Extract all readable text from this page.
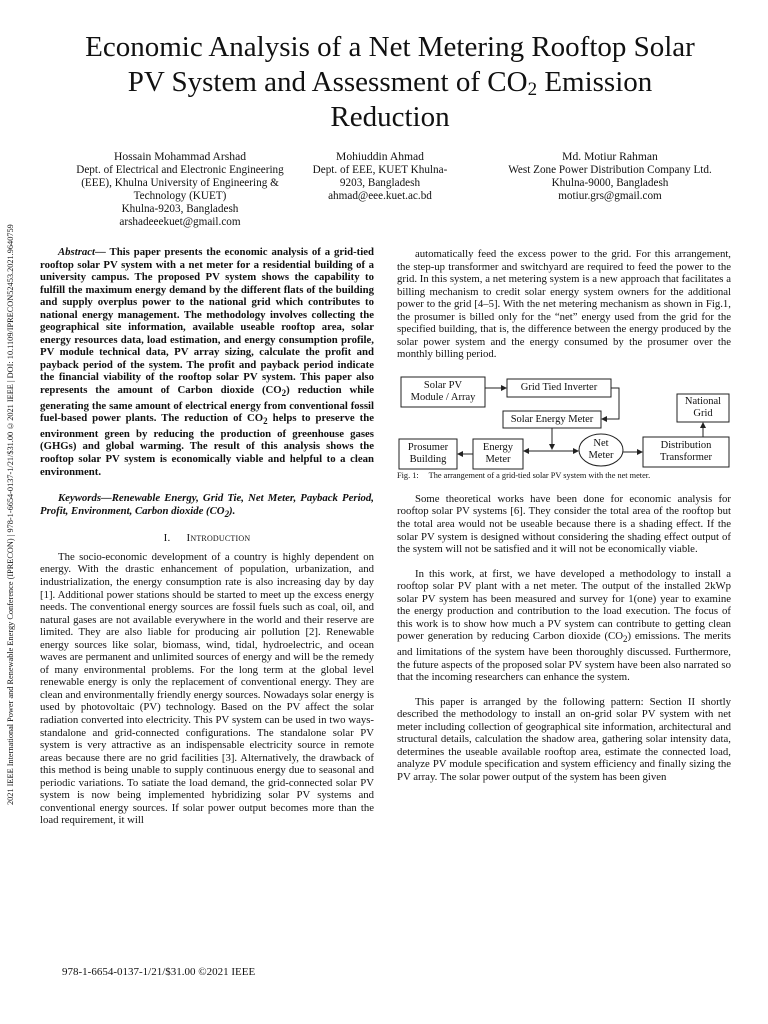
2021 IEEE International Power and Renewable Energy Conference (IPRECON) | 978-1-6654-0137-1/21/$31.00 ©2021 IEEE | DOI: 10.1109/IPRECON52453.2021.9640759
Economic Analysis of a Net Metering Rooftop Solar
PV System and Assessment of $CO_2$ Emission
Reduction
Hossain Mohammad Arshad
Dept. of Electrical and Electronic Engineering
(EEE), Khulna University of Engineering &
Technology (KUET)
Khulna-9203, Bangladesh
arshadeeekuet@gmail.com
Mohiuddin Ahmad
Dept. of EEE, KUET Khulna-
9203, Bangladesh
ahmad@eee.kuet.ac.bd
Md. Motiur Rahman
West Zone Power Distribution Company Ltd.
Khulna-9000, Bangladesh
motiur.grs@gmail.com

Abstract— This paper presents the economic analysis of a grid-tied rooftop solar PV system with a net meter for a residential building of a university campus. The proposed PV system shows the capability to fulfill the maximum energy demand by the different flats of the building and supply overplus power to the national grid which contributes to national energy management. The methodology involves collecting the geographical site information, available useable rooftop area, solar energy resources data, load estimation, and energy consumption profile, PV module technical data, PV array sizing, calculate the profit and payback period of the system. The profit and payback period indicate the financial viability of the rooftop solar PV system. This paper also represents the amount of Carbon dioxide $(CO_2)$ reduction while generating the same amount of electrical energy from conventional fossil fuel-based power plants. The reduction of $CO_2$ helps to preserve the environment green by reducing the production of greenhouse gases (GHGs) and global warming. The result of this analysis shows the rooftop solar PV system is economically viable and helpful to a clean environment.

Keywords—Renewable Energy, Grid Tie, Net Meter, Payback Period, Profit, Environment, Carbon dioxide $(CO_2)$.

I. Introduction

The socio-economic development of a country is highly dependent on energy. With the drastic enhancement of population, urbanization, and industrialization, the energy consumption rate is also increasing day by day [1]. Additional power stations should be started to meet up the excess energy needs. The conventional energy sources are fossil fuels such as coal, oil, and natural gases are not available everywhere in the world and their reserve are limited. They are also liable for producing air pollution [2]. Renewable energy sources like solar, biomass, wind, tidal, hydroelectric, and ocean waves are permanent and unlimited sources of energy and will be the remedy of many environmental problems. For the long term at the global level renewable energy is only the replacement of conventional energy. They are clean and environmentally friendly energy sources. Nowadays solar energy is used by photovoltaic (PV) technology. Based on the PV affect the solar radiation converted into electricity. This PV system can be used in two ways- standalone and grid-connected configurations. The standalone solar PV system is very attractive as an indispensable electricity source in remote areas because there are no grid facilities [3]. Alternatively, the drawback of this method is being unable to supply continuous energy due to seasonal and periodic variations. To satiate the load demand, the grid-connected solar PV system is now being implemented hybridizing solar PV systems and conventional energy sources. If solar power output becomes more than the load requirement, it will

automatically feed the excess power to the grid. For this arrangement, the step-up transformer and switchyard are required to feed the power to the grid. In this system, a net metering system is a new approach that facilitates a billing mechanism to credit solar energy system owners for the additional power to the grid [4–5]. With the net metering mechanism as shown in Fig.1, the prosumer is billed only for the “net” energy used from the grid for the specified building, that is, the difference between the energy produced by the solar power system and the energy consumed by the prosumer over the monthly billing period.

Solar PV
Module / Array
Grid Tied Inverter
Solar Energy Meter
National
Grid
Prosumer
Building
Energy
Meter
Net
Meter
Distribution
Transformer

Fig. 1: The arrangement of a grid-tied solar PV system with the net meter.

Some theoretical works have been done for economic analysis for rooftop solar PV systems [6]. They consider the total area of the rooftop but the total area would not be useable because there is a shading effect. If the solar PV system is designed without considering the shading effect output of the system will not be satisfied and it will not be economically viable.

In this work, at first, we have developed a methodology to install a rooftop solar PV plant with a net meter. The output of the installed 2kWp solar PV system has been measured and survey for 1(one) year to examine the energy production and contribution to the load execution. The focus of this work is to show how much a PV system can contribute to getting clean power generation by reducing Carbon dioxide $(CO_2)$ emissions. The merits and limitations of the system have been thoroughly discussed. Furthermore, the future aspects of the proposed solar PV system have been also narrated so that the incoming researchers can enhance the system.

This paper is arranged by the following pattern: Section II shortly described the methodology to install an on-grid solar PV system with net meter including collection of geographical site information, architectural and structural details, calculation the shadow area, gathering solar intensity data, determines the useable available rooftop area, estimate the connected load, analyze PV module specification and system efficiency and finally sizing the PV array. The solar power output of the system has been given

978-1-6654-0137-1/21/$31.00 ©2021 IEEE
